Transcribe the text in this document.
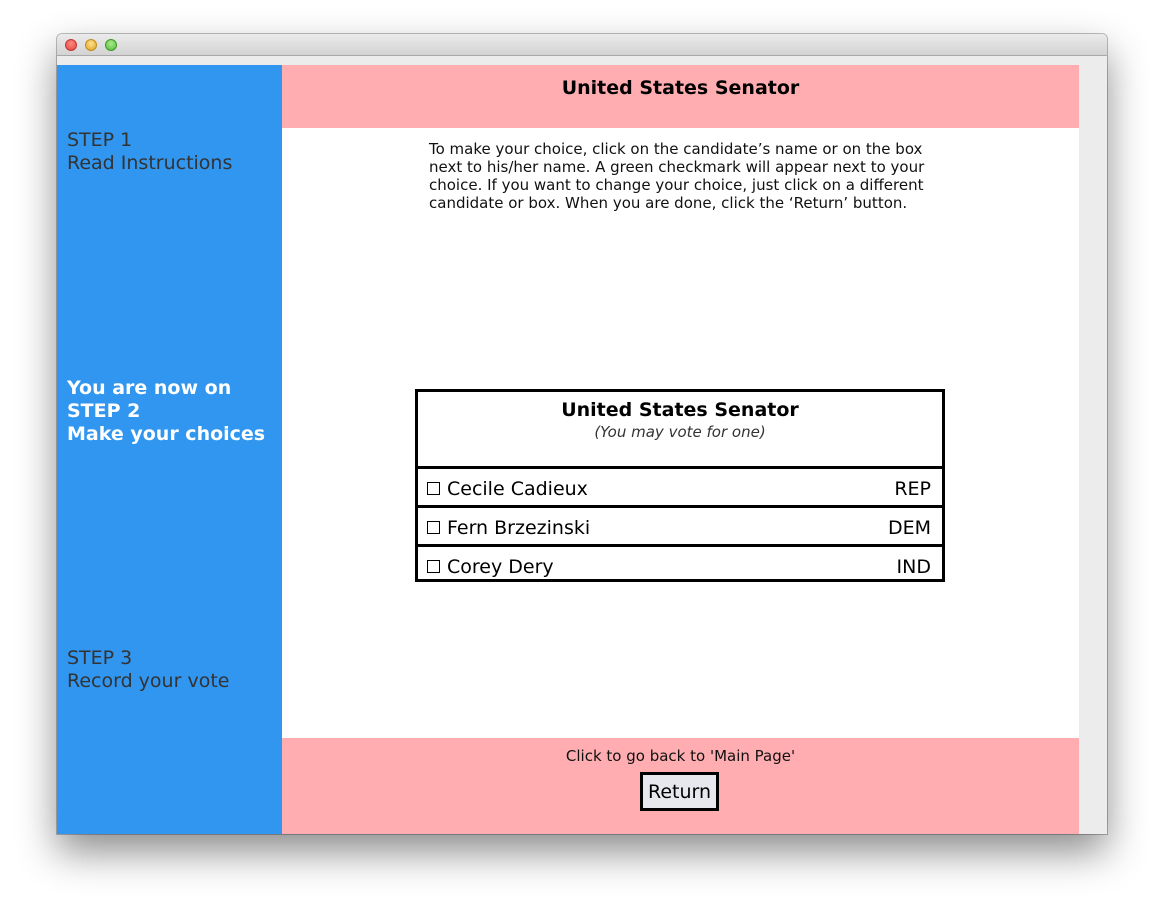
STEP 1
Read Instructions
You are now on
STEP 2
Make your choices
STEP 3
Record your vote
United States Senator
To make your choice, click on the candidate’s name or on the box next to his/her name. A green checkmark will appear next to your choice. If you want to change your choice, just click on a different candidate or box. When you are done, click the ‘Return’ button.
United States Senator
(You may vote for one)
Cecile Cadieux	REP
Fern Brzezinski	DEM
Corey Dery	IND
Click to go back to 'Main Page'
Return
